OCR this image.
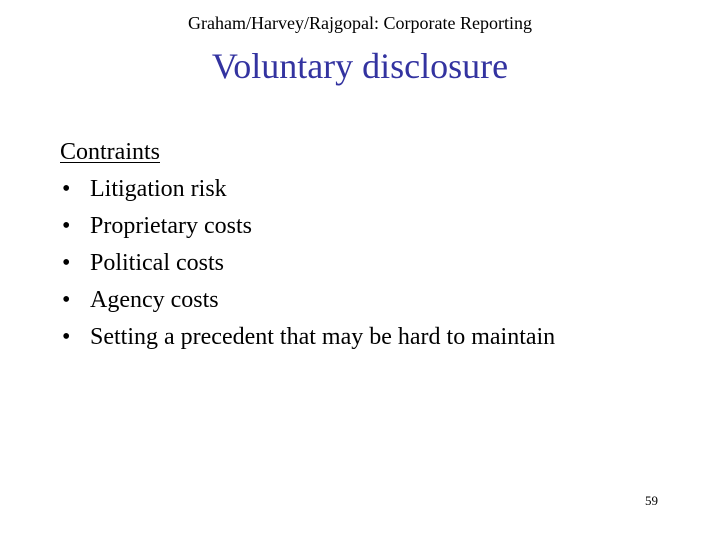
Graham/Harvey/Rajgopal: Corporate Reporting
Voluntary disclosure
Contraints
• Litigation risk
• Proprietary costs
• Political costs
• Agency costs
• Setting a precedent that may be hard to maintain
59
